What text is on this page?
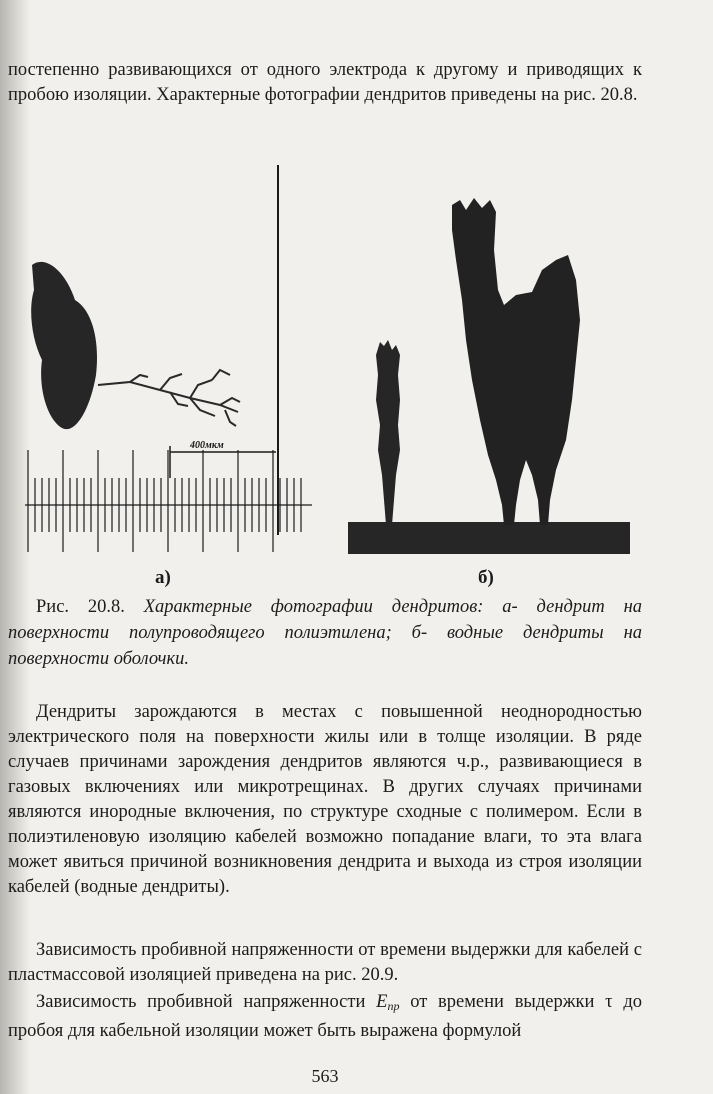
постепенно развивающихся от одного электрода к другому и приводящих к пробою изоляции. Характерные фотографии дендритов приведены на рис. 20.8.

400мкм
а)	б)

Рис. 20.8. Характерные фотографии дендритов: а- дендрит на поверхности полупроводящего полиэтилена; б- водные дендриты на поверхности оболочки.

Дендриты зарождаются в местах с повышенной неоднородностью электрического поля на поверхности жилы или в толще изоляции. В ряде случаев причинами зарождения дендритов являются ч.р., развивающиеся в газовых включениях или микротрещинах. В других случаях причинами являются инородные включения, по структуре сходные с полимером. Если в полиэтиленовую изоляцию кабелей возможно попадание влаги, то эта влага может явиться причиной возникновения дендрита и выхода из строя изоляции кабелей (водные дендриты).

Зависимость пробивной напряженности от времени выдержки для кабелей с пластмассовой изоляцией приведена на рис. 20.9.

Зависимость пробивной напряженности $E_{пр}$ от времени выдержки τ до пробоя для кабельной изоляции может быть выражена формулой

563
